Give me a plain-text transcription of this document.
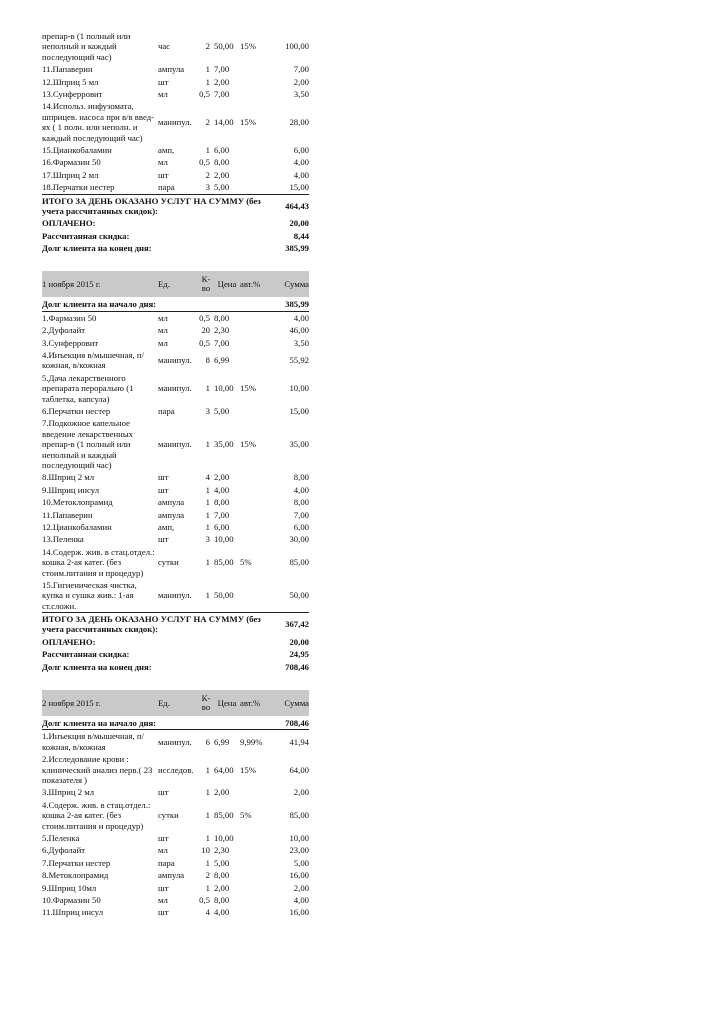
препар-в (1 полный или неполный и каждый последующий час)	час	2	50,00	15%	100,00
11.Папаверин	ампула	1	7,00		7,00
12.Шприц 5 мл	шт	1	2,00		2,00
13.Сунферровит	мл	0,5	7,00		3,50
14.Использ. инфузомата, шприцев. насоса при в/в введ-ях ( 1 полн. или неполн. и каждый последующий час)	манипул.	2	14,00	15%	28,00
15.Цианкобаламин	амп,	1	6,00		6,00
16.Фармазин 50	мл	0,5	8,00		4,00
17.Шприц 2 мл	шт	2	2,00		4,00
18.Перчатки нестер	пара	3	5,00		15,00
ИТОГО ЗА ДЕНЬ ОКАЗАНО УСЛУГ НА СУММУ (без учета рассчитанных скидок):					464,43
ОПЛАЧЕНО:					20,00
Рассчитанная скидка:					8,44
Долг клиента на конец дня:					385,99
1 ноября 2015 г.	Ед.	К-во	Цена	авт.%	Сумма
Долг клиента на начало дня:					385,99
1.Фармазин 50	мл	0,5	8,00		4,00
2.Дуфолайт	мл	20	2,30		46,00
3.Сунферровит	мл	0,5	7,00		3,50
4.Инъекция в/мышечная, п/кожная, в/кожная	манипул.	8	6,99		55,92
5.Дача лекарственного препарата перорально (1 таблетка, капсула)	манипул.	1	10,00	15%	10,00
6.Перчатки нестер	пара	3	5,00		15,00
7.Подкожное капельное введение лекарственных препар-в (1 полный или неполный и каждый последующий час)	манипул.	1	35,00	15%	35,00
8.Шприц 2 мл	шт	4	2,00		8,00
9.Шприц инсул	шт	1	4,00		4,00
10.Метоклопрамид	ампула	1	8,00		8,00
11.Папаверин	ампула	1	7,00		7,00
12.Цианкобаламин	амп,	1	6,00		6,00
13.Пеленка	шт	3	10,00		30,00
14.Содерж. жив. в стац.отдел.: кошка 2-ая катег. (без стоим.питания и процедур)	сутки	1	85,00	5%	85,00
15.Гигиеническая чистка, купка и сушка жив.: 1-ая ст.сложн.	манипул.	1	50,00		50,00
ИТОГО ЗА ДЕНЬ ОКАЗАНО УСЛУГ НА СУММУ (без учета рассчитанных скидок):					367,42
ОПЛАЧЕНО:					20,00
Рассчитанная скидка:					24,95
Долг клиента на конец дня:					708,46
2 ноября 2015 г.	Ед.	К-во	Цена	авт.%	Сумма
Долг клиента на начало дня:					708,46
1.Инъекция в/мышечная, п/кожная, в/кожная	манипул.	6	6,99	9,99%	41,94
2.Исследование крови : клинический анализ перв.( 23 показателя )	исследов.	1	64,00	15%	64,00
3.Шприц 2 мл	шт	1	2,00		2,00
4.Содерж. жив. в стац.отдел.: кошка 2-ая катег. (без стоим.питания и процедур)	сутки	1	85,00	5%	85,00
5.Пеленка	шт	1	10,00		10,00
6.Дуфолайт	мл	10	2,30		23,00
7.Перчатки нестер	пара	1	5,00		5,00
8.Метоклопрамид	ампула	2	8,00		16,00
9.Шприц 10мл	шт	1	2,00		2,00
10.Фармазин 50	мл	0,5	8,00		4,00
11.Шприц инсул	шт	4	4,00		16,00
